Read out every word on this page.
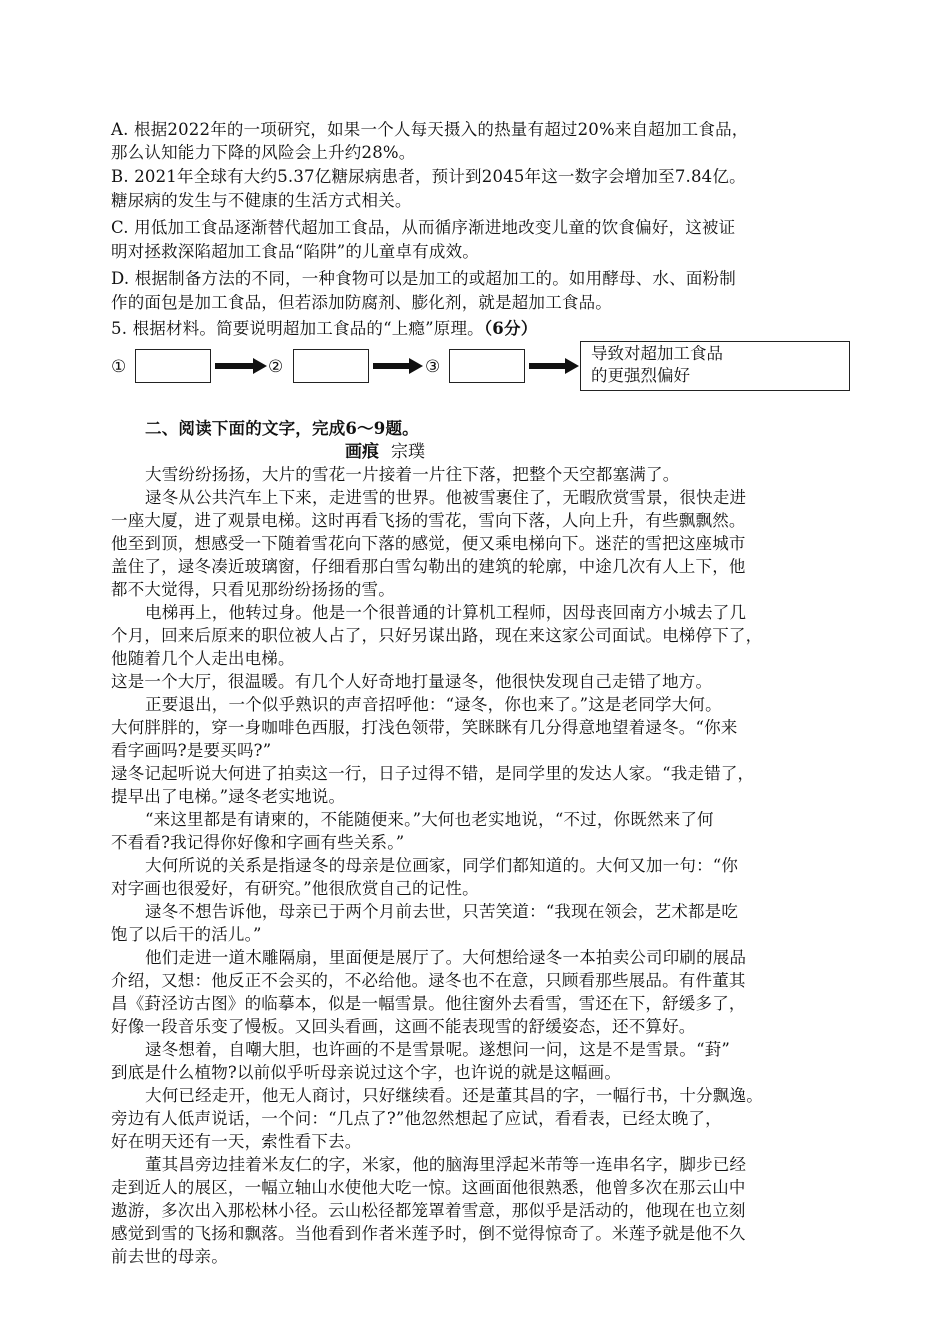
A. 根据2022年的一项研究，如果一个人每天摄入的热量有超过20%来自超加工食品，
那么认知能力下降的风险会上升约28%。
B. 2021年全球有大约5.37亿糖尿病患者，预计到2045年这一数字会增加至7.84亿。
糖尿病的发生与不健康的生活方式相关。
C. 用低加工食品逐渐替代超加工食品，从而循序渐进地改变儿童的饮食偏好，这被证
明对拯救深陷超加工食品“陷阱”的儿童卓有成效。
D. 根据制备方法的不同，一种食物可以是加工的或超加工的。如用酵母、水、面粉制
作的面包是加工食品，但若添加防腐剂、膨化剂，就是超加工食品。
5. 根据材料。简要说明超加工食品的“上瘾”原理。（6分）
①	②	③
导致对超加工食品
的更强烈偏好
二、阅读下面的文字，完成6～9题。
画痕 宗璞
大雪纷纷扬扬，大片的雪花一片接着一片往下落，把整个天空都塞满了。
逯冬从公共汽车上下来，走进雪的世界。他被雪裹住了，无暇欣赏雪景，很快走进
一座大厦，进了观景电梯。这时再看飞扬的雪花，雪向下落，人向上升，有些飘飘然。
他至到顶，想感受一下随着雪花向下落的感觉，便又乘电梯向下。迷茫的雪把这座城市
盖住了，逯冬凑近玻璃窗，仔细看那白雪勾勒出的建筑的轮廓，中途几次有人上下，他
都不大觉得，只看见那纷纷扬扬的雪。
电梯再上，他转过身。他是一个很普通的计算机工程师，因母丧回南方小城去了几
个月，回来后原来的职位被人占了，只好另谋出路，现在来这家公司面试。电梯停下了，
他随着几个人走出电梯。
这是一个大厅，很温暖。有几个人好奇地打量逯冬，他很快发现自己走错了地方。
正要退出，一个似乎熟识的声音招呼他：“逯冬，你也来了。”这是老同学大何。
大何胖胖的，穿一身咖啡色西服，打浅色领带，笑眯眯有几分得意地望着逯冬。“你来
看字画吗?是要买吗?”
逯冬记起听说大何进了拍卖这一行，日子过得不错，是同学里的发达人家。“我走错了，
提早出了电梯。”逯冬老实地说。
“来这里都是有请柬的，不能随便来。”大何也老实地说，“不过，你既然来了何
不看看?我记得你好像和字画有些关系。”
大何所说的关系是指逯冬的母亲是位画家，同学们都知道的。大何又加一句：“你
对字画也很爱好，有研究。”他很欣赏自己的记性。
逯冬不想告诉他，母亲已于两个月前去世，只苦笑道：“我现在领会，艺术都是吃
饱了以后干的活儿。”
他们走进一道木雕隔扇，里面便是展厅了。大何想给逯冬一本拍卖公司印刷的展品
介绍，又想：他反正不会买的，不必给他。逯冬也不在意，只顾看那些展品。有件董其
昌《葑泾访古图》的临摹本，似是一幅雪景。他往窗外去看雪，雪还在下，舒缓多了，
好像一段音乐变了慢板。又回头看画，这画不能表现雪的舒缓姿态，还不算好。
逯冬想着，自嘲大胆，也许画的不是雪景呢。遂想问一问，这是不是雪景。“葑”
到底是什么植物?以前似乎听母亲说过这个字，也许说的就是这幅画。
大何已经走开，他无人商讨，只好继续看。还是董其昌的字，一幅行书，十分飘逸。
旁边有人低声说话，一个问：“几点了?”他忽然想起了应试，看看表，已经太晚了，
好在明天还有一天，索性看下去。
董其昌旁边挂着米友仁的字，米家，他的脑海里浮起米芾等一连串名字，脚步已经
走到近人的展区，一幅立轴山水使他大吃一惊。这画面他很熟悉，他曾多次在那云山中
遨游，多次出入那松林小径。云山松径都笼罩着雪意，那似乎是活动的，他现在也立刻
感觉到雪的飞扬和飘落。当他看到作者米莲予时，倒不觉得惊奇了。米莲予就是他不久
前去世的母亲。
